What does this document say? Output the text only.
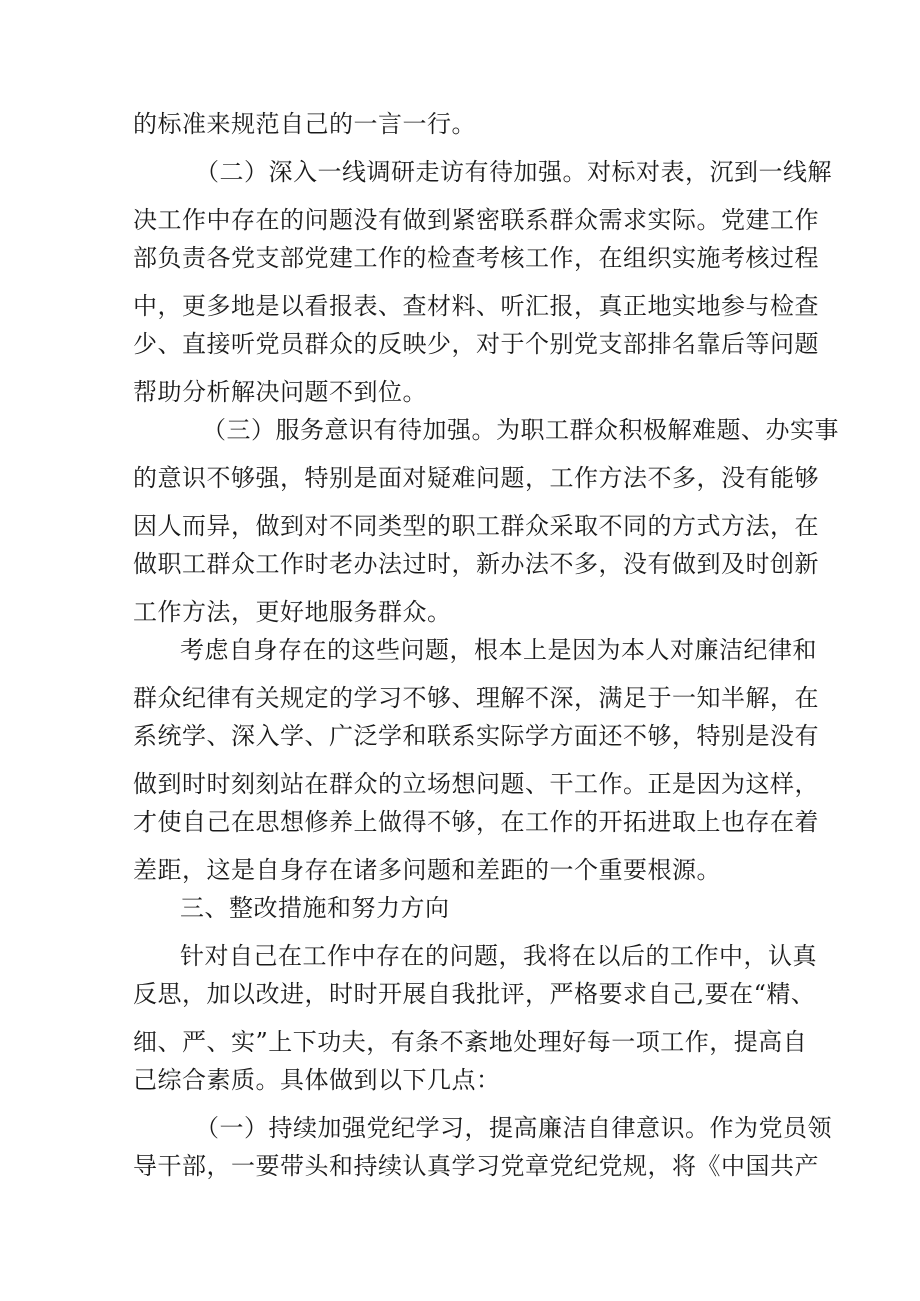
的标准来规范自己的一言一行。
（二）深入一线调研走访有待加强。对标对表，沉到一线解
决工作中存在的问题没有做到紧密联系群众需求实际。党建工作
部负责各党支部党建工作的检查考核工作，在组织实施考核过程
中，更多地是以看报表、查材料、听汇报，真正地实地参与检查
少、直接听党员群众的反映少，对于个别党支部排名靠后等问题
帮助分析解决问题不到位。
（三）服务意识有待加强。为职工群众积极解难题、办实事
的意识不够强，特别是面对疑难问题，工作方法不多，没有能够
因人而异，做到对不同类型的职工群众采取不同的方式方法，在
做职工群众工作时老办法过时，新办法不多，没有做到及时创新
工作方法，更好地服务群众。
考虑自身存在的这些问题，根本上是因为本人对廉洁纪律和
群众纪律有关规定的学习不够、理解不深，满足于一知半解，在
系统学、深入学、广泛学和联系实际学方面还不够，特别是没有
做到时时刻刻站在群众的立场想问题、干工作。正是因为这样，
才使自己在思想修养上做得不够，在工作的开拓进取上也存在着
差距，这是自身存在诸多问题和差距的一个重要根源。
三、整改措施和努力方向
针对自己在工作中存在的问题，我将在以后的工作中，认真
反思，加以改进，时时开展自我批评，严格要求自己,要在“精、
细、严、实”上下功夫，有条不紊地处理好每一项工作，提高自
己综合素质。具体做到以下几点：
（一）持续加强党纪学习，提高廉洁自律意识。作为党员领
导干部，一要带头和持续认真学习党章党纪党规，将《中国共产
